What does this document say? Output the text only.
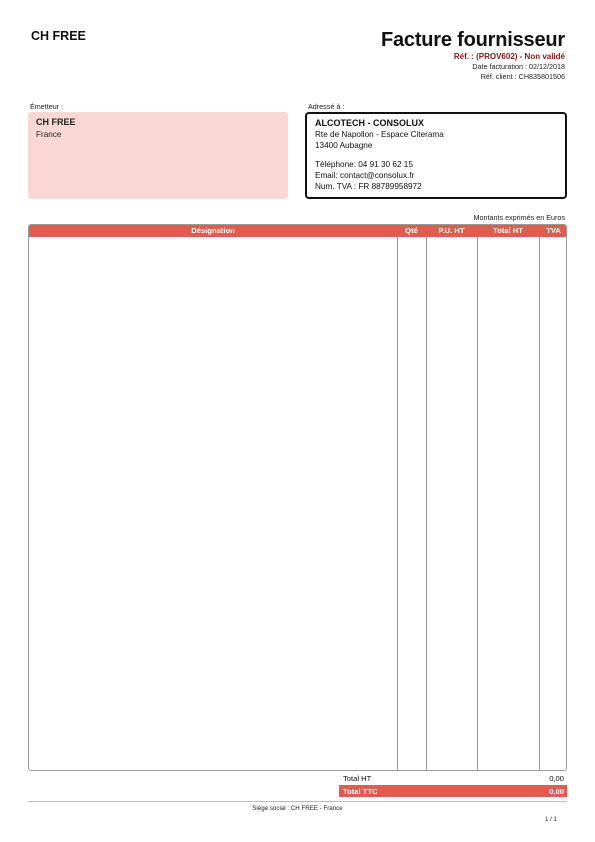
CH FREE	Facture fournisseur
Réf. : (PROV602) - Non validé
Date facturation : 02/12/2018
Réf. client : CH835801506
Émetteur :	Adressé à :
CH FREE
France
ALCOTECH - CONSOLUX
Rte de Napollon - Espace Citerama
13400 Aubagne
Téléphone: 04 91 30 62 15
Email: contact@consolux.fr
Num. TVA : FR 88789958972
Montants exprimés en Euros
Désignation	Qté	P.U. HT	Total HT	TVA
Total HT	0,00
Total TTC	0,00
Siège social : CH FREE - France
1 / 1
